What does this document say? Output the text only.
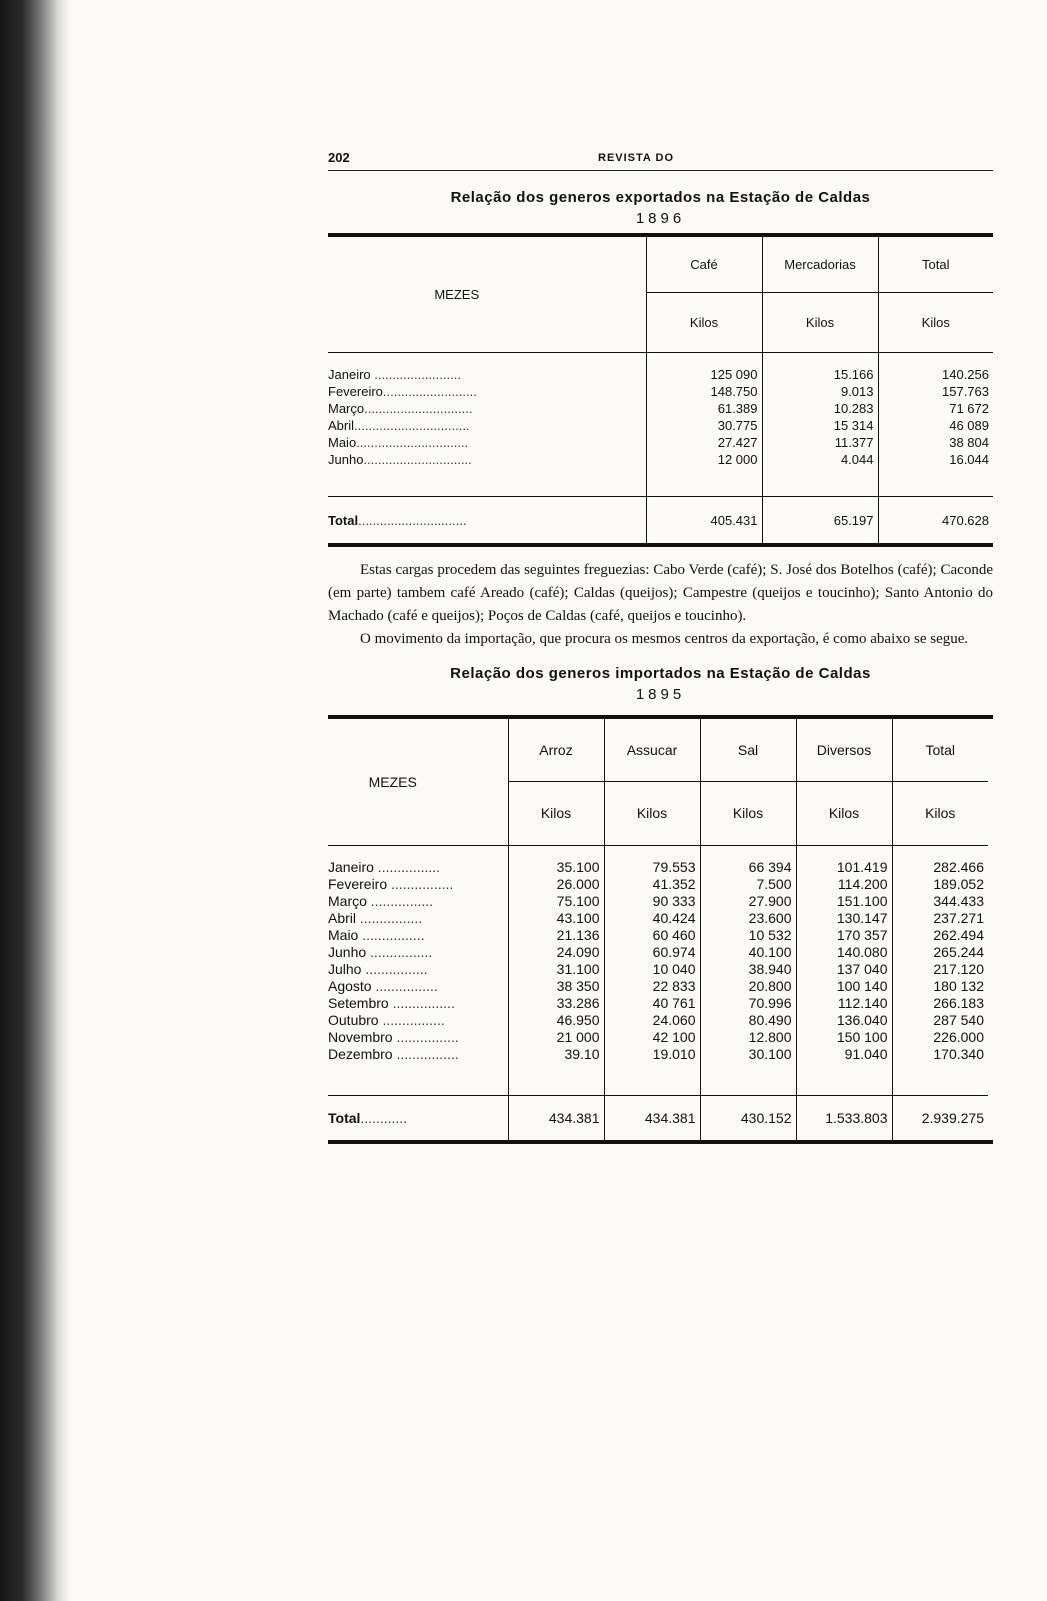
202	REVISTA DO
Relação dos generos exportados na Estação de Caldas
1896
MEZES	Café	Mercadorias	Total
	Kilos	Kilos	Kilos

Janeiro ........................	125 090	15.166	140.256
Fevereiro..........................	148.750	9.013	157.763
Março..............................	61.389	10.283	71 672
Abril................................	30.775	15 314	46 089
Maio...............................	27.427	11.377	38 804
Junho..............................	12 000	4.044	16.044

Total..............................	405.431	65.197	470.628

Estas cargas procedem das seguintes freguezias: Cabo Verde (café); S. José dos Botelhos (café); Caconde (em parte) tambem café Areado (café); Caldas (queijos); Campestre (queijos e toucinho); Santo Antonio do Machado (café e queijos); Poços de Caldas (café, queijos e toucinho).

O movimento da importação, que procura os mesmos centros da exportação, é como abaixo se segue.

Relação dos generos importados na Estação de Caldas
1895
MEZES	Arroz	Assucar	Sal	Diversos	Total
	Kilos	Kilos	Kilos	Kilos	Kilos

Janeiro ................	35.100	79.553	66 394	101.419	282.466
Fevereiro ................	26.000	41.352	7.500	114.200	189.052
Março ................	75.100	90 333	27.900	151.100	344.433
Abril ................	43.100	40.424	23.600	130.147	237.271
Maio ................	21.136	60 460	10 532	170 357	262.494
Junho ................	24.090	60.974	40.100	140.080	265.244
Julho ................	31.100	10 040	38.940	137 040	217.120
Agosto ................	38 350	22 833	20.800	100 140	180 132
Setembro ................	33.286	40 761	70.996	112.140	266.183
Outubro ................	46.950	24.060	80.490	136.040	287 540
Novembro ................	21 000	42 100	12.800	150 100	226.000
Dezembro ................	39.10	19.010	30.100	91.040	170.340

Total............	434.381	434.381	430.152	1.533.803	2.939.275
